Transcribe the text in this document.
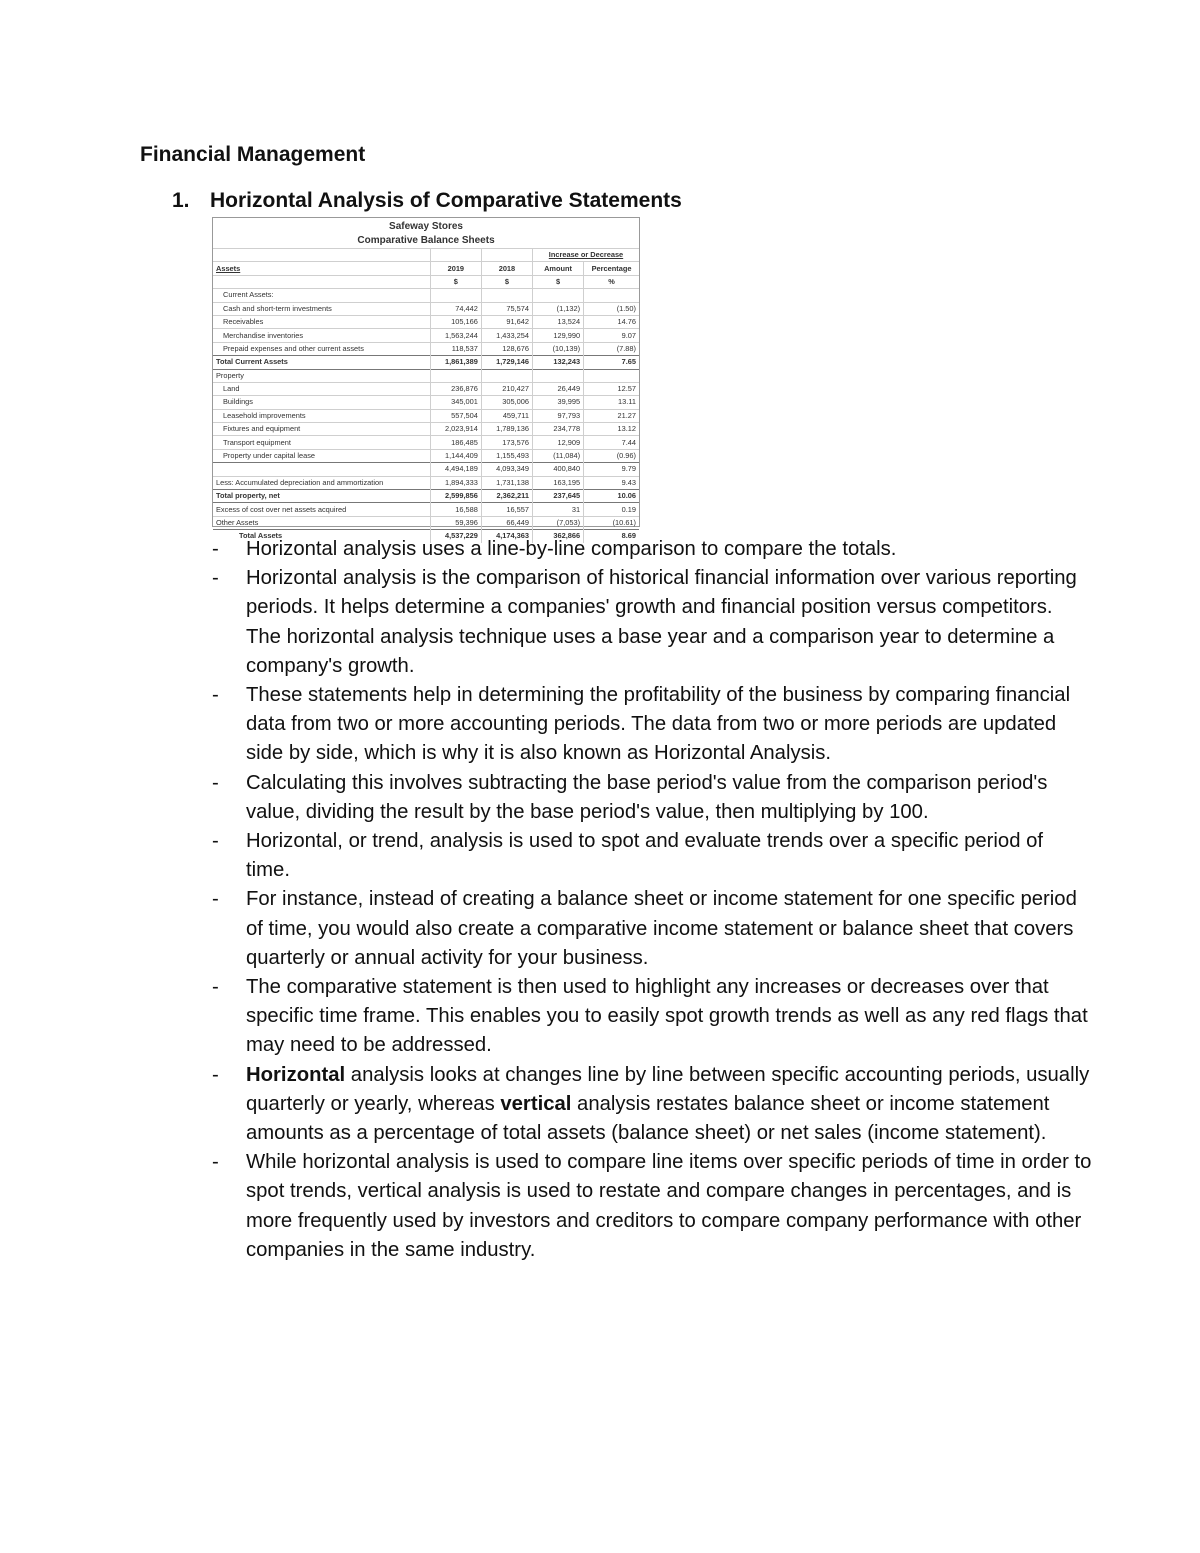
Financial Management
1. Horizontal Analysis of Comparative Statements
Safeway Stores
Comparative Balance Sheets
			Increase or Decrease	
Assets	2019	2018	Amount	Percentage
	$	$	$	%
Current Assets:				
Cash and short-term investments	74,442	75,574	(1,132)	(1.50)
Receivables	105,166	91,642	13,524	14.76
Merchandise inventories	1,563,244	1,433,254	129,990	9.07
Prepaid expenses and other current assets	118,537	128,676	(10,139)	(7.88)
Total Current Assets	1,861,389	1,729,146	132,243	7.65
Property				
Land	236,876	210,427	26,449	12.57
Buildings	345,001	305,006	39,995	13.11
Leasehold improvements	557,504	459,711	97,793	21.27
Fixtures and equipment	2,023,914	1,789,136	234,778	13.12
Transport equipment	186,485	173,576	12,909	7.44
Property under capital lease	1,144,409	1,155,493	(11,084)	(0.96)
	4,494,189	4,093,349	400,840	9.79
Less: Accumulated depreciation and ammortization	1,894,333	1,731,138	163,195	9.43
Total property, net	2,599,856	2,362,211	237,645	10.06
Excess of cost over net assets acquired	16,588	16,557	31	0.19
Other Assets	59,396	66,449	(7,053)	(10.61)
Total Assets	4,537,229	4,174,363	362,866	8.69
- Horizontal analysis uses a line-by-line comparison to compare the totals.
- Horizontal analysis is the comparison of historical financial information over various reporting periods. It helps determine a companies' growth and financial position versus competitors. The horizontal analysis technique uses a base year and a comparison year to determine a company's growth.
- These statements help in determining the profitability of the business by comparing financial data from two or more accounting periods. The data from two or more periods are updated side by side, which is why it is also known as Horizontal Analysis.
- Calculating this involves subtracting the base period's value from the comparison period's value, dividing the result by the base period's value, then multiplying by 100.
- Horizontal, or trend, analysis is used to spot and evaluate trends over a specific period of time.
- For instance, instead of creating a balance sheet or income statement for one specific period of time, you would also create a comparative income statement or balance sheet that covers quarterly or annual activity for your business.
- The comparative statement is then used to highlight any increases or decreases over that specific time frame. This enables you to easily spot growth trends as well as any red flags that may need to be addressed.
- Horizontal analysis looks at changes line by line between specific accounting periods, usually quarterly or yearly, whereas vertical analysis restates balance sheet or income statement amounts as a percentage of total assets (balance sheet) or net sales (income statement).
- While horizontal analysis is used to compare line items over specific periods of time in order to spot trends, vertical analysis is used to restate and compare changes in percentages, and is more frequently used by investors and creditors to compare company performance with other companies in the same industry.
